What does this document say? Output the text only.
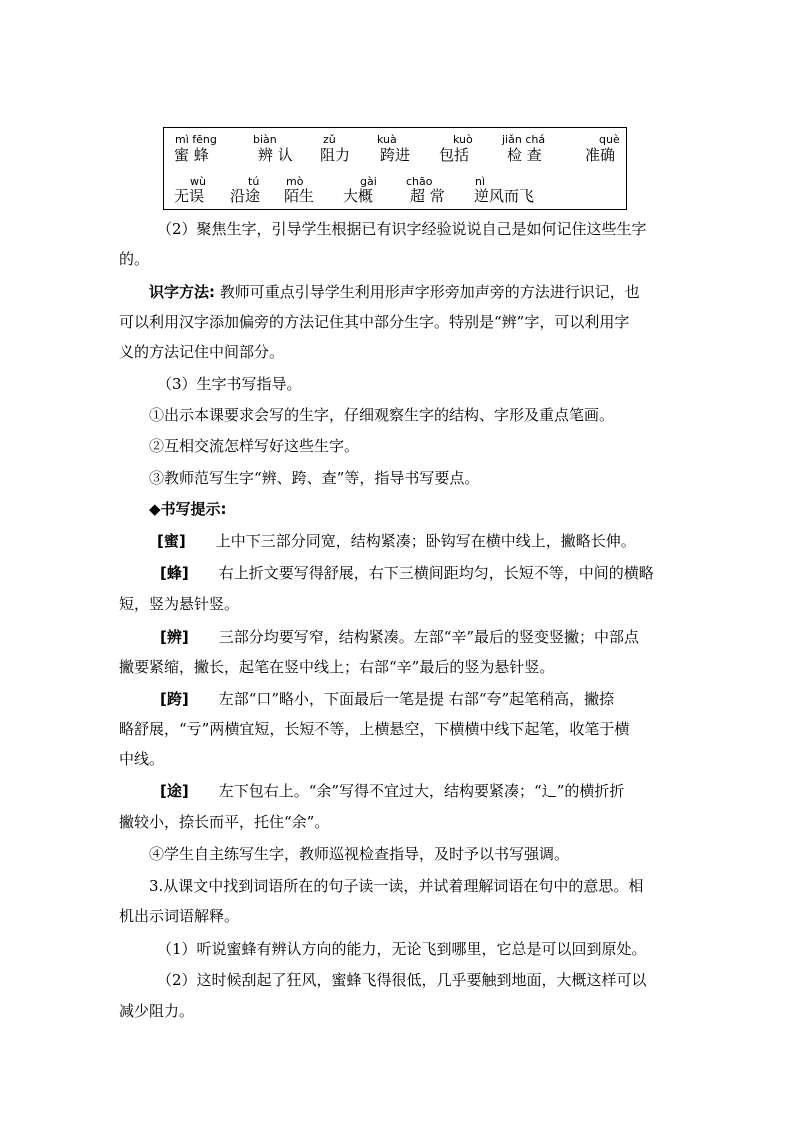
mì fēng
蜜 蜂
biàn
辨 认
zǔ
阻力
kuà
跨进
kuò
包括
jiǎn chá
检 查
què
准确
wù
无误
tú
沿途
mò
陌生
gài
大概
chāo
超 常
nì
逆风而飞
（2）聚焦生字，引导学生根据已有识字经验说说自己是如何记住这些生字
的。
识字方法: 教师可重点引导学生利用形声字形旁加声旁的方法进行识记，也
可以利用汉字添加偏旁的方法记住其中部分生字。特别是“辨”字，可以利用字
义的方法记住中间部分。
（3）生字书写指导。
①出示本课要求会写的生字，仔细观察生字的结构、字形及重点笔画。
②互相交流怎样写好这些生字。
③教师范写生字“辨、跨、查”等，指导书写要点。
◆书写提示:
[蜜] 上中下三部分同宽，结构紧凑；卧钩写在横中线上，撇略长伸。
[蜂] 右上折文要写得舒展，右下三横间距均匀，长短不等，中间的横略
短，竖为悬针竖。
[辨] 三部分均要写窄，结构紧凑。左部“辛”最后的竖变竖撇；中部点
撇要紧缩，撇长，起笔在竖中线上；右部“辛”最后的竖为悬针竖。
[跨] 左部“口”略小，下面最后一笔是提 右部“夸”起笔稍高，撇捺
略舒展，“亏”两横宜短，长短不等，上横悬空，下横横中线下起笔，收笔于横
中线。
[途] 左下包右上。“余”写得不宜过大，结构要紧凑；“辶”的横折折
撇较小，捺长而平，托住“余”。
④学生自主练写生字，教师巡视检查指导，及时予以书写强调。
3.从课文中找到词语所在的句子读一读，并试着理解词语在句中的意思。相
机出示词语解释。
（1）听说蜜蜂有辨认方向的能力，无论飞到哪里，它总是可以回到原处。
（2）这时候刮起了狂风，蜜蜂飞得很低，几乎要触到地面，大概这样可以
减少阻力。
